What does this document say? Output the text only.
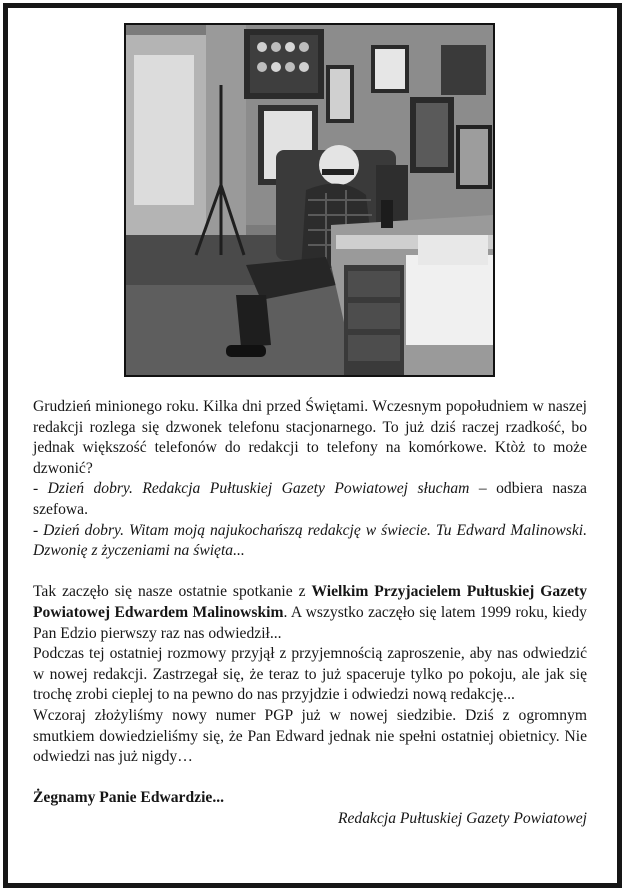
Grudzień minionego roku. Kilka dni przed Świętami. Wczesnym popołudniem w naszej redakcji rozlega się dzwonek telefonu stacjonarnego. To już dziś raczej rzadkość, bo jednak większość telefonów do redakcji to telefony na komórkowe. Ktòż to może dzwonić?

- Dzień dobry. Redakcja Pułtuskiej Gazety Powiatowej słucham – odbiera nasza szefowa.

- Dzień dobry. Witam moją najukochańszą redakcję w świecie. Tu Edward Malinowski. Dzwonię z życzeniami na święta...

Tak zaczęło się nasze ostatnie spotkanie z Wielkim Przyjacielem Pułtuskiej Gazety Powiatowej Edwardem Malinowskim. A wszystko zaczęło się latem 1999 roku, kiedy Pan Edzio pierwszy raz nas odwiedził...

Podczas tej ostatniej rozmowy przyjął z przyjemnością zaproszenie, aby nas odwiedzić w nowej redakcji. Zastrzegał się, że teraz to już spaceruje tylko po pokoju, ale jak się trochę zrobi cieplej to na pewno do nas przyjdzie i odwiedzi nową redakcję...

Wczoraj złożyliśmy nowy numer PGP już w nowej siedzibie. Dziś z ogromnym smutkiem dowiedzieliśmy się, że Pan Edward jednak nie spełni ostatniej obietnicy. Nie odwiedzi nas już nigdy…

Żegnamy Panie Edwardzie...

Redakcja Pułtuskiej Gazety Powiatowej
